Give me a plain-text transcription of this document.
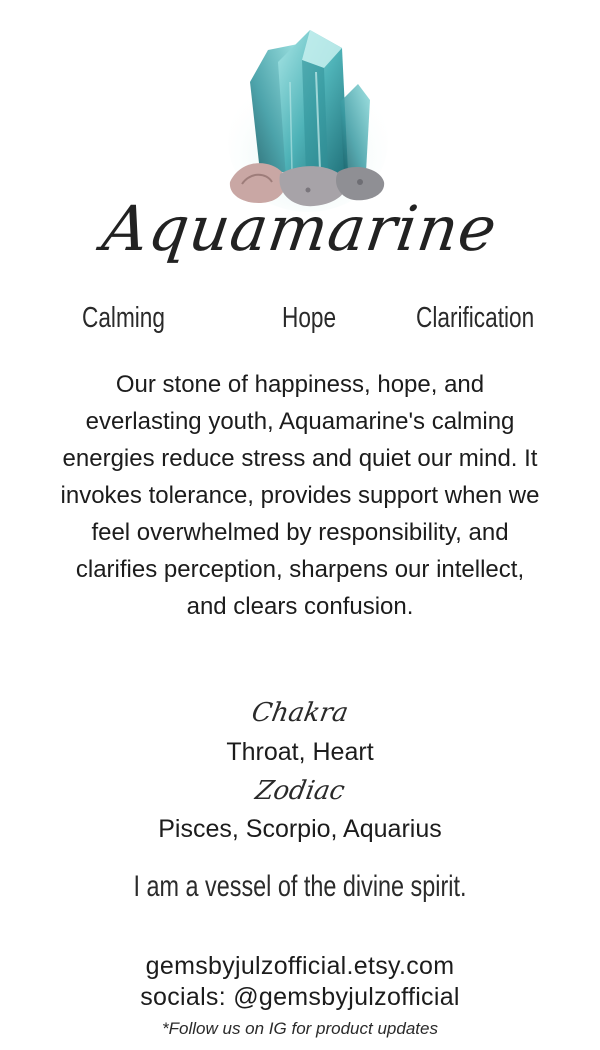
Aquamarine
Calming	Hope	Clarification

Our stone of happiness, hope, and everlasting youth, Aquamarine's calming energies reduce stress and quiet our mind. It invokes tolerance, provides support when we feel overwhelmed by responsibility, and clarifies perception, sharpens our intellect, and clears confusion.

Chakra
Throat, Heart
Zodiac
Pisces, Scorpio, Aquarius
I am a vessel of the divine spirit.
gemsbyjulzofficial.etsy.com
socials: @gemsbyjulzofficial
*Follow us on IG for product updates
